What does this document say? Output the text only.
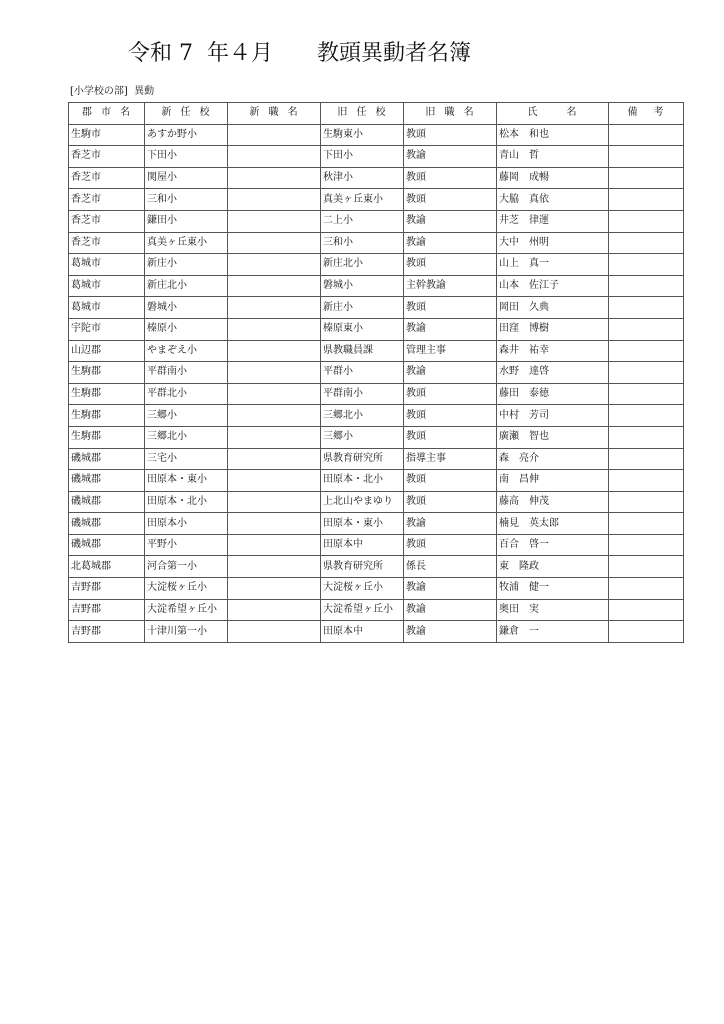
令和 7  年４月　　教頭異動者名簿
[小学校の部]  異動
郡 市 名	新 任 校	新 職 名	旧 任 校	旧 職 名	氏　　名	備　考
生駒市	あすか野小		生駒東小	教頭	松本　和也	
香芝市	下田小		下田小	教諭	青山　哲	
香芝市	関屋小		秋津小	教頭	藤岡　成暢	
香芝市	三和小		真美ヶ丘東小	教頭	大脇　真依	
香芝市	鎌田小		二上小	教諭	井芝　律運	
香芝市	真美ヶ丘東小		三和小	教諭	大中　州明	
葛城市	新庄小		新庄北小	教頭	山上　真一	
葛城市	新庄北小		磐城小	主幹教諭	山本　佐江子	
葛城市	磐城小		新庄小	教頭	岡田　久典	
宇陀市	榛原小		榛原東小	教諭	田窪　博樹	
山辺郡	やまぞえ小		県教職員課	管理主事	森井　祐幸	
生駒郡	平群南小		平群小	教諭	水野　達啓	
生駒郡	平群北小		平群南小	教頭	藤田　泰徳	
生駒郡	三郷小		三郷北小	教頭	中村　芳司	
生駒郡	三郷北小		三郷小	教頭	廣瀬　智也	
磯城郡	三宅小		県教育研究所	指導主事	森　亮介	
磯城郡	田原本・東小		田原本・北小	教頭	南　昌伸	
磯城郡	田原本・北小		上北山やまゆり	教頭	藤高　伸茂	
磯城郡	田原本小		田原本・東小	教諭	楠見　英太郎	
磯城郡	平野小		田原本中	教頭	百合　啓一	
北葛城郡	河合第一小		県教育研究所	係長	東　隆政	
吉野郡	大淀桜ヶ丘小		大淀桜ヶ丘小	教諭	牧浦　健一	
吉野郡	大淀希望ヶ丘小		大淀希望ヶ丘小	教諭	奥田　実	
吉野郡	十津川第一小		田原本中	教諭	鎌倉　一	
